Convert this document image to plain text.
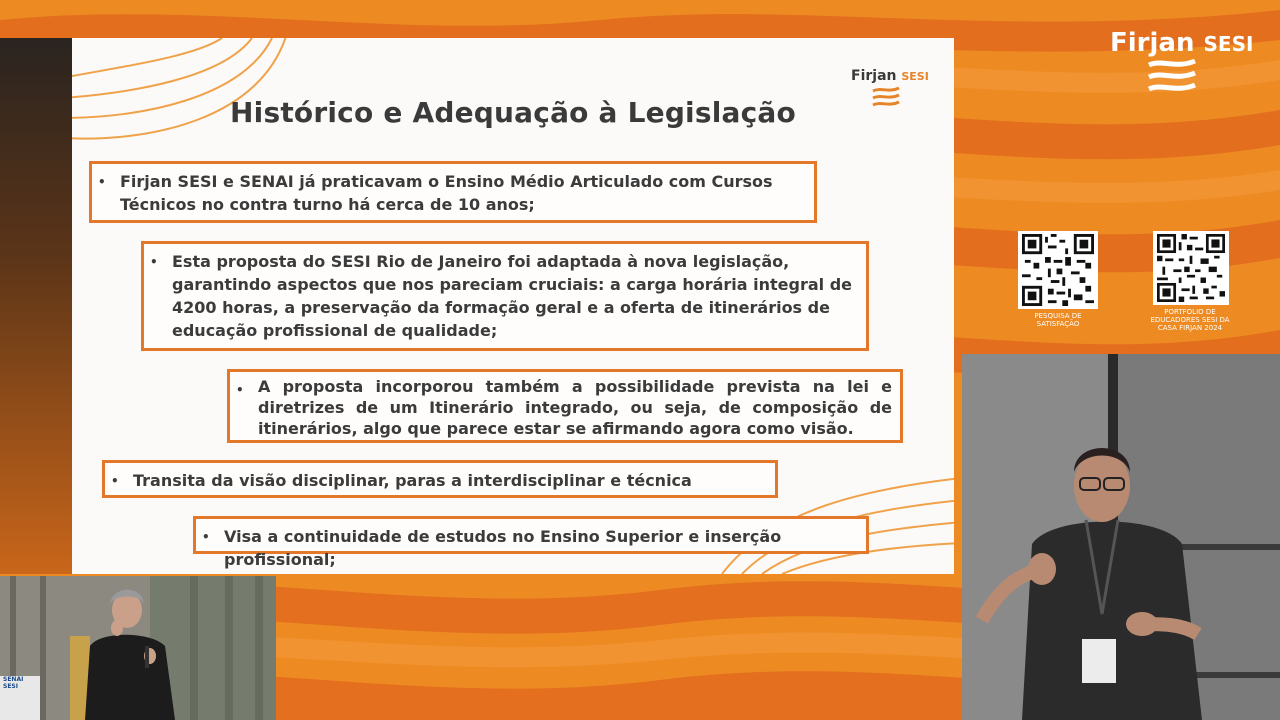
Firjan SESI
Histórico e Adequação à Legislação
• Firjan SESI e SENAI já praticavam o Ensino Médio Articulado com Cursos Técnicos no contra turno há cerca de 10 anos;
• Esta proposta do SESI Rio de Janeiro foi adaptada à nova legislação, garantindo aspectos que nos pareciam cruciais: a carga horária integral de 4200 horas, a preservação da formação geral e a oferta de itinerários de educação profissional de qualidade;
• A proposta incorporou também a possibilidade prevista na lei e diretrizes de um Itinerário integrado, ou seja, de composição de itinerários, algo que parece estar se afirmando agora como visão.
• Transita da visão disciplinar, paras a interdisciplinar e técnica
• Visa a continuidade de estudos no Ensino Superior e inserção profissional;
Firjan SESI
PESQUISA DE
SATISFAÇÃO
PORTFOLIO DE
EDUCADORES SESI DA
CASA FIRJAN 2024
SENAI
SESI
